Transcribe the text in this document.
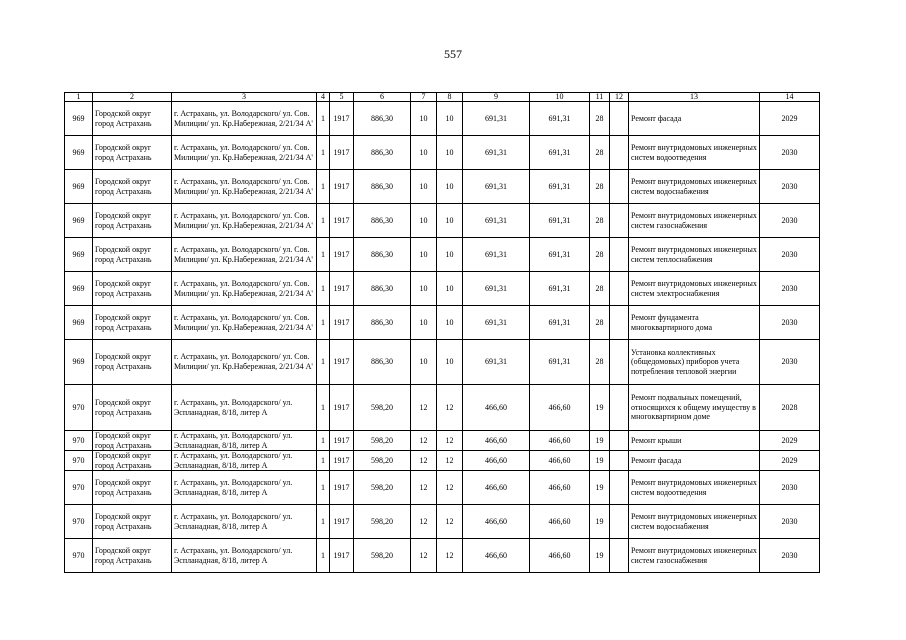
557
1	2	3	4	5	6	7	8	9	10	11	12	13	14
969	Городской округ город Астрахань	г. Астрахань, ул. Володарского/ ул. Сов. Милиции/ ул. Кр.Набережная, 2/21/34 А'	1	1917	886,30	10	10	691,31	691,31	28		Ремонт фасада	2029
969	Городской округ город Астрахань	г. Астрахань, ул. Володарского/ ул. Сов. Милиции/ ул. Кр.Набережная, 2/21/34 А'	1	1917	886,30	10	10	691,31	691,31	28		Ремонт внутридомовых инженерных систем водоотведения	2030
969	Городской округ город Астрахань	г. Астрахань, ул. Володарского/ ул. Сов. Милиции/ ул. Кр.Набережная, 2/21/34 А'	1	1917	886,30	10	10	691,31	691,31	28		Ремонт внутридомовых инженерных систем водоснабжения	2030
969	Городской округ город Астрахань	г. Астрахань, ул. Володарского/ ул. Сов. Милиции/ ул. Кр.Набережная, 2/21/34 А'	1	1917	886,30	10	10	691,31	691,31	28		Ремонт внутридомовых инженерных систем газоснабжения	2030
969	Городской округ город Астрахань	г. Астрахань, ул. Володарского/ ул. Сов. Милиции/ ул. Кр.Набережная, 2/21/34 А'	1	1917	886,30	10	10	691,31	691,31	28		Ремонт внутридомовых инженерных систем теплоснабжения	2030
969	Городской округ город Астрахань	г. Астрахань, ул. Володарского/ ул. Сов. Милиции/ ул. Кр.Набережная, 2/21/34 А'	1	1917	886,30	10	10	691,31	691,31	28		Ремонт внутридомовых инженерных систем электроснабжения	2030
969	Городской округ город Астрахань	г. Астрахань, ул. Володарского/ ул. Сов. Милиции/ ул. Кр.Набережная, 2/21/34 А'	1	1917	886,30	10	10	691,31	691,31	28		Ремонт фундамента многоквартирного дома	2030
969	Городской округ город Астрахань	г. Астрахань, ул. Володарского/ ул. Сов. Милиции/ ул. Кр.Набережная, 2/21/34 А'	1	1917	886,30	10	10	691,31	691,31	28		Установка коллективных (общедомовых) приборов учета потребления тепловой энергии	2030
970	Городской округ город Астрахань	г. Астрахань, ул. Володарского/ ул. Эспланадная, 8/18, литер А	1	1917	598,20	12	12	466,60	466,60	19		Ремонт подвальных помещений, относящихся к общему имуществу в многоквартирном доме	2028
970	Городской округ город Астрахань	г. Астрахань, ул. Володарского/ ул. Эспланадная, 8/18, литер А	1	1917	598,20	12	12	466,60	466,60	19		Ремонт крыши	2029
970	Городской округ город Астрахань	г. Астрахань, ул. Володарского/ ул. Эспланадная, 8/18, литер А	1	1917	598,20	12	12	466,60	466,60	19		Ремонт фасада	2029
970	Городской округ город Астрахань	г. Астрахань, ул. Володарского/ ул. Эспланадная, 8/18, литер А	1	1917	598,20	12	12	466,60	466,60	19		Ремонт внутридомовых инженерных систем водоотведения	2030
970	Городской округ город Астрахань	г. Астрахань, ул. Володарского/ ул. Эспланадная, 8/18, литер А	1	1917	598,20	12	12	466,60	466,60	19		Ремонт внутридомовых инженерных систем водоснабжения	2030
970	Городской округ город Астрахань	г. Астрахань, ул. Володарского/ ул. Эспланадная, 8/18, литер А	1	1917	598,20	12	12	466,60	466,60	19		Ремонт внутридомовых инженерных систем газоснабжения	2030
